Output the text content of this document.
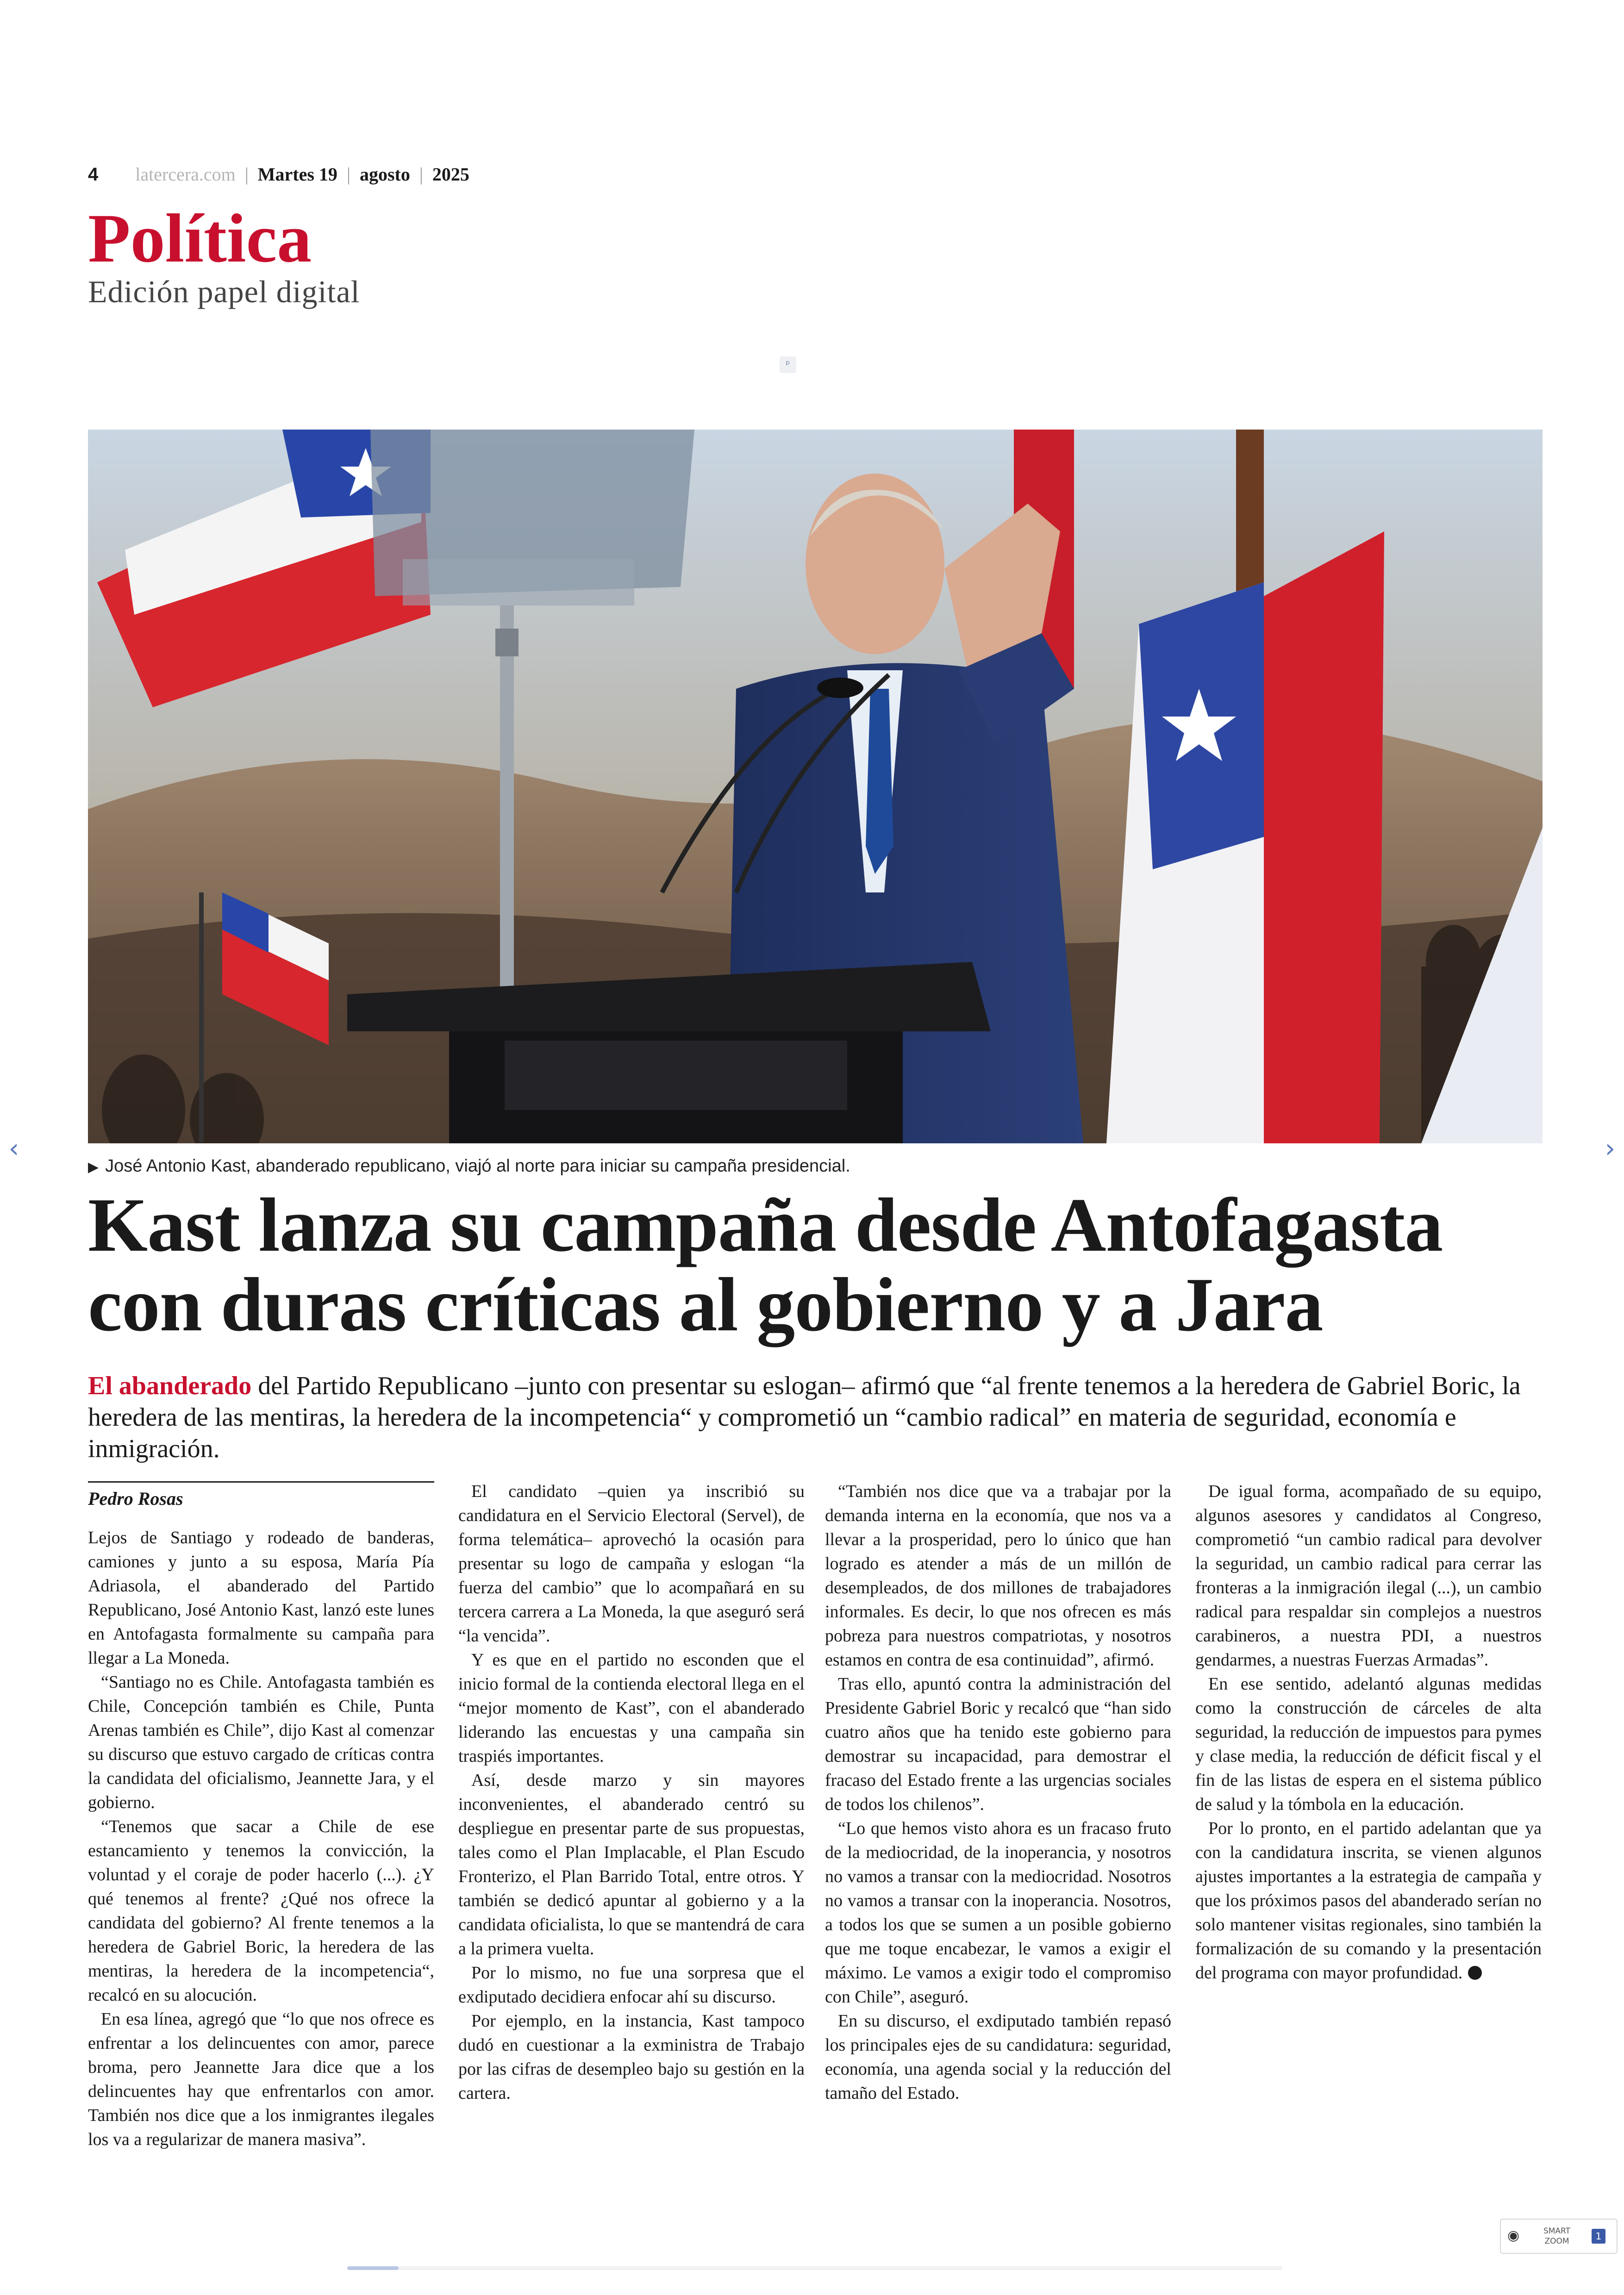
4 latercera.com | Martes 19 | agosto | 2025
Política
Edición papel digital
ᵖ
▶ José Antonio Kast, abanderado republicano, viajó al norte para iniciar su campaña presidencial.
Kast lanza su campaña desde Antofagasta
con duras críticas al gobierno y a Jara
El abanderado del Partido Republicano –junto con presentar su eslogan– afirmó que “al frente tenemos a la heredera de Gabriel Boric, la heredera de las mentiras, la heredera de la incompetencia“ y comprometió un “cambio radical” en materia de seguridad, economía e inmigración.
Pedro Rosas

Lejos de Santiago y rodeado de banderas, camiones y junto a su esposa, María Pía Adriasola, el abanderado del Partido Republicano, José Antonio Kast, lanzó este lunes en Antofagasta formalmente su campaña para llegar a La Moneda.

“Santiago no es Chile. Antofagasta también es Chile, Concepción también es Chile, Punta Arenas también es Chile”, dijo Kast al comenzar su discurso que estuvo cargado de críticas contra la candidata del oficialismo, Jeannette Jara, y el gobierno.

“Tenemos que sacar a Chile de ese estancamiento y tenemos la convicción, la voluntad y el coraje de poder hacerlo (...). ¿Y qué tenemos al frente? ¿Qué nos ofrece la candidata del gobierno? Al frente tenemos a la heredera de Gabriel Boric, la heredera de las mentiras, la heredera de la incompetencia“, recalcó en su alocución.

En esa línea, agregó que “lo que nos ofrece es enfrentar a los delincuentes con amor, parece broma, pero Jeannette Jara dice que a los delincuentes hay que enfrentarlos con amor. También nos dice que a los inmigrantes ilegales los va a regularizar de manera masiva”.

El candidato –quien ya inscribió su candidatura en el Servicio Electoral (Servel), de forma telemática– aprovechó la ocasión para presentar su logo de campaña y eslogan “la fuerza del cambio” que lo acompañará en su tercera carrera a La Moneda, la que aseguró será “la vencida”.

Y es que en el partido no esconden que el inicio formal de la contienda electoral llega en el “mejor momento de Kast”, con el abanderado liderando las encuestas y una campaña sin traspiés importantes.

Así, desde marzo y sin mayores inconvenientes, el abanderado centró su despliegue en presentar parte de sus propuestas, tales como el Plan Implacable, el Plan Escudo Fronterizo, el Plan Barrido Total, entre otros. Y también se dedicó apuntar al gobierno y a la candidata oficialista, lo que se mantendrá de cara a la primera vuelta.

Por lo mismo, no fue una sorpresa que el exdiputado decidiera enfocar ahí su discurso.

Por ejemplo, en la instancia, Kast tampoco dudó en cuestionar a la exministra de Trabajo por las cifras de desempleo bajo su gestión en la cartera.

“También nos dice que va a trabajar por la demanda interna en la economía, que nos va a llevar a la prosperidad, pero lo único que han logrado es atender a más de un millón de desempleados, de dos millones de trabajadores informales. Es decir, lo que nos ofrecen es más pobreza para nuestros compatriotas, y nosotros estamos en contra de esa continuidad”, afirmó.

Tras ello, apuntó contra la administración del Presidente Gabriel Boric y recalcó que “han sido cuatro años que ha tenido este gobierno para demostrar su incapacidad, para demostrar el fracaso del Estado frente a las urgencias sociales de todos los chilenos”.

“Lo que hemos visto ahora es un fracaso fruto de la mediocridad, de la inoperancia, y nosotros no vamos a transar con la mediocridad. Nosotros no vamos a transar con la inoperancia. Nosotros, a todos los que se sumen a un posible gobierno que me toque encabezar, le vamos a exigir el máximo. Le vamos a exigir todo el compromiso con Chile”, aseguró.

En su discurso, el exdiputado también repasó los principales ejes de su candidatura: seguridad, economía, una agenda social y la reducción del tamaño del Estado.

De igual forma, acompañado de su equipo, algunos asesores y candidatos al Congreso, comprometió “un cambio radical para devolver la seguridad, un cambio radical para cerrar las fronteras a la inmigración ilegal (...), un cambio radical para respaldar sin complejos a nuestros carabineros, a nuestra PDI, a nuestros gendarmes, a nuestras Fuerzas Armadas”.

En ese sentido, adelantó algunas medidas como la construcción de cárceles de alta seguridad, la reducción de impuestos para pymes y clase media, la reducción de déficit fiscal y el fin de las listas de espera en el sistema público de salud y la tómbola en la educación.

Por lo pronto, en el partido adelantan que ya con la candidatura inscrita, se vienen algunos ajustes importantes a la estrategia de campaña y que los próximos pasos del abanderado serían no solo mantener visitas regionales, sino también la formalización de su comando y la presentación del programa con mayor profundidad.

‹	›
◉	SMART
ZOOM	1
